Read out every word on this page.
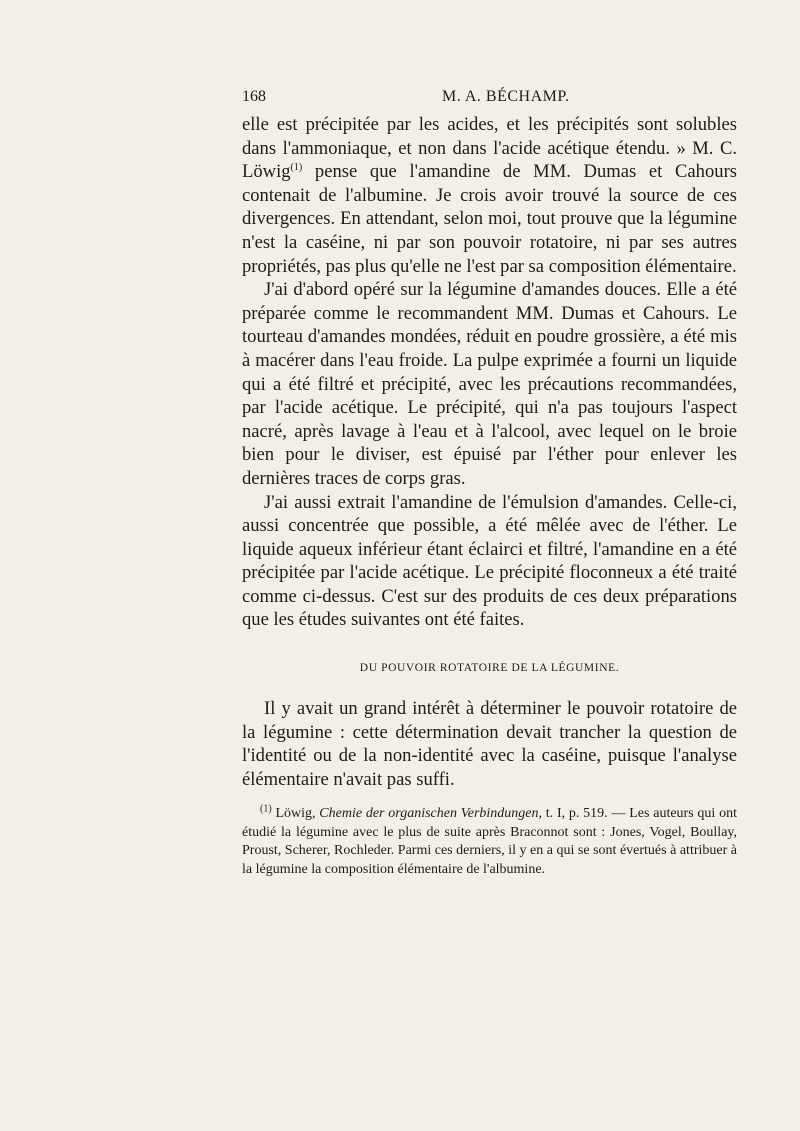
168	M. A. BÉCHAMP.

elle est précipitée par les acides, et les précipités sont solubles dans l'ammoniaque, et non dans l'acide acétique étendu. » M. C. Löwig$^{(1)}$ pense que l'amandine de MM. Dumas et Cahours contenait de l'albumine. Je crois avoir trouvé la source de ces divergences. En attendant, selon moi, tout prouve que la légumine n'est la caséine, ni par son pouvoir rotatoire, ni par ses autres propriétés, pas plus qu'elle ne l'est par sa composition élémentaire.

J'ai d'abord opéré sur la légumine d'amandes douces. Elle a été préparée comme le recommandent MM. Dumas et Cahours. Le tourteau d'amandes mondées, réduit en poudre grossière, a été mis à macérer dans l'eau froide. La pulpe exprimée a fourni un liquide qui a été filtré et précipité, avec les précautions recommandées, par l'acide acétique. Le précipité, qui n'a pas toujours l'aspect nacré, après lavage à l'eau et à l'alcool, avec lequel on le broie bien pour le diviser, est épuisé par l'éther pour enlever les dernières traces de corps gras.

J'ai aussi extrait l'amandine de l'émulsion d'amandes. Celle-ci, aussi concentrée que possible, a été mêlée avec de l'éther. Le liquide aqueux inférieur étant éclairci et filtré, l'amandine en a été précipitée par l'acide acétique. Le précipité floconneux a été traité comme ci-dessus. C'est sur des produits de ces deux préparations que les études suivantes ont été faites.

DU POUVOIR ROTATOIRE DE LA LÉGUMINE.

Il y avait un grand intérêt à déterminer le pouvoir rotatoire de la légumine : cette détermination devait trancher la question de l'identité ou de la non-identité avec la caséine, puisque l'analyse élémentaire n'avait pas suffi.

$^{(1)}$ Löwig, Chemie der organischen Verbindungen, t. I, p. 519. — Les auteurs qui ont étudié la légumine avec le plus de suite après Braconnot sont : Jones, Vogel, Boullay, Proust, Scherer, Rochleder. Parmi ces derniers, il y en a qui se sont évertués à attribuer à la légumine la composition élémentaire de l'albumine.
